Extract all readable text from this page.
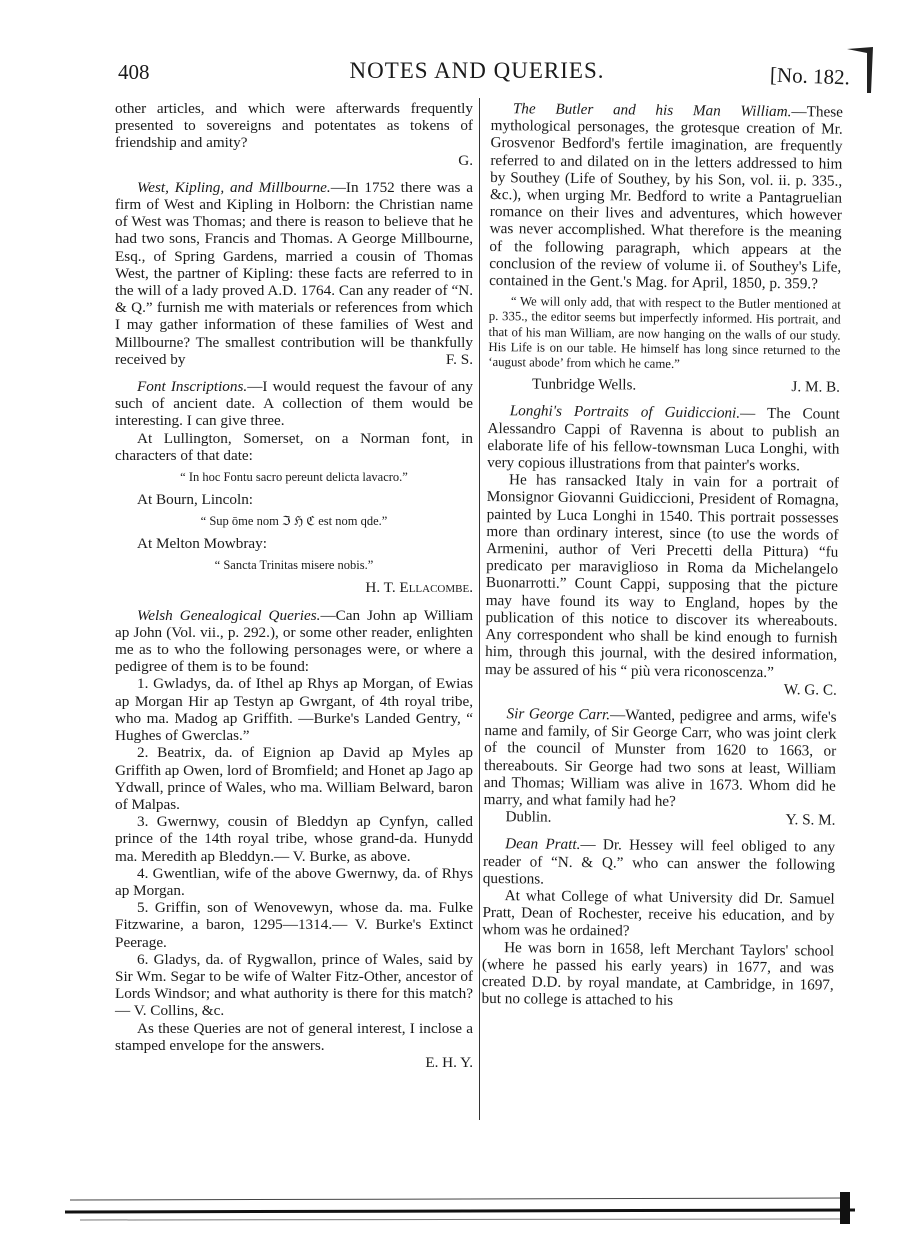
408	NOTES AND QUERIES.	[No. 182.

other articles, and which were afterwards frequently presented to sovereigns and potentates as tokens of friendship and amity?

G.

West, Kipling, and Millbourne.—In 1752 there was a firm of West and Kipling in Holborn: the Christian name of West was Thomas; and there is reason to believe that he had two sons, Francis and Thomas. A George Millbourne, Esq., of Spring Gardens, married a cousin of Thomas West, the partner of Kipling: these facts are referred to in the will of a lady proved A.D. 1764. Can any reader of “N. & Q.” furnish me with materials or references from which I may gather information of these families of West and Millbourne? The smallest contribution will be thankfully received by	F. S.

Font Inscriptions.—I would request the favour of any such of ancient date. A collection of them would be interesting. I can give three.

At Lullington, Somerset, on a Norman font, in characters of that date:

“ In hoc Fontu sacro pereunt delicta lavacro.”

At Bourn, Lincoln:

“ Sup ōme nom ℑ ℌ ℭ est nom qde.”

At Melton Mowbray:

“ Sancta Trinitas misere nobis.”

H. T. Ellacombe.

Welsh Genealogical Queries.—Can John ap William ap John (Vol. vii., p. 292.), or some other reader, enlighten me as to who the following personages were, or where a pedigree of them is to be found:

1. Gwladys, da. of Ithel ap Rhys ap Morgan, of Ewias ap Morgan Hir ap Testyn ap Gwrgant, of 4th royal tribe, who ma. Madog ap Griffith. —Burke's Landed Gentry, “ Hughes of Gwerclas.”

2. Beatrix, da. of Eignion ap David ap Myles ap Griffith ap Owen, lord of Bromfield; and Honet ap Jago ap Ydwall, prince of Wales, who ma. William Belward, baron of Malpas.

3. Gwernwy, cousin of Bleddyn ap Cynfyn, called prince of the 14th royal tribe, whose grand-da. Hunydd ma. Meredith ap Bleddyn.— V. Burke, as above.

4. Gwentlian, wife of the above Gwernwy, da. of Rhys ap Morgan.

5. Griffin, son of Wenovewyn, whose da. ma. Fulke Fitzwarine, a baron, 1295—1314.— V. Burke's Extinct Peerage.

6. Gladys, da. of Rygwallon, prince of Wales, said by Sir Wm. Segar to be wife of Walter Fitz-Other, ancestor of Lords Windsor; and what authority is there for this match?— V. Collins, &c.

As these Queries are not of general interest, I inclose a stamped envelope for the answers.

E. H. Y.

The Butler and his Man William.—These mythological personages, the grotesque creation of Mr. Grosvenor Bedford's fertile imagination, are frequently referred to and dilated on in the letters addressed to him by Southey (Life of Southey, by his Son, vol. ii. p. 335., &c.), when urging Mr. Bedford to write a Pantagruelian romance on their lives and adventures, which however was never accomplished. What therefore is the meaning of the following paragraph, which appears at the conclusion of the review of volume ii. of Southey's Life, contained in the Gent.'s Mag. for April, 1850, p. 359.?

“ We will only add, that with respect to the Butler mentioned at p. 335., the editor seems but imperfectly informed. His portrait, and that of his man William, are now hanging on the walls of our study. His Life is on our table. He himself has long since returned to the ‘august abode’ from which he came.”

Tunbridge Wells.	J. M. B.

Longhi's Portraits of Guidiccioni.— The Count Alessandro Cappi of Ravenna is about to publish an elaborate life of his fellow-townsman Luca Longhi, with very copious illustrations from that painter's works.

He has ransacked Italy in vain for a portrait of Monsignor Giovanni Guidiccioni, President of Romagna, painted by Luca Longhi in 1540. This portrait possesses more than ordinary interest, since (to use the words of Armenini, author of Veri Precetti della Pittura) “fu predicato per maraviglioso in Roma da Michelangelo Buonarrotti.” Count Cappi, supposing that the picture may have found its way to England, hopes by the publication of this notice to discover its whereabouts. Any correspondent who shall be kind enough to furnish him, through this journal, with the desired information, may be assured of his “ più vera riconoscenza.”

W. G. C.

Sir George Carr.—Wanted, pedigree and arms, wife's name and family, of Sir George Carr, who was joint clerk of the council of Munster from 1620 to 1663, or thereabouts. Sir George had two sons at least, William and Thomas; William was alive in 1673. Whom did he marry, and what family had he?

Dublin.	Y. S. M.

Dean Pratt.— Dr. Hessey will feel obliged to any reader of “N. & Q.” who can answer the following questions.

At what College of what University did Dr. Samuel Pratt, Dean of Rochester, receive his education, and by whom was he ordained?

He was born in 1658, left Merchant Taylors' school (where he passed his early years) in 1677, and was created D.D. by royal mandate, at Cambridge, in 1697, but no college is attached to his
